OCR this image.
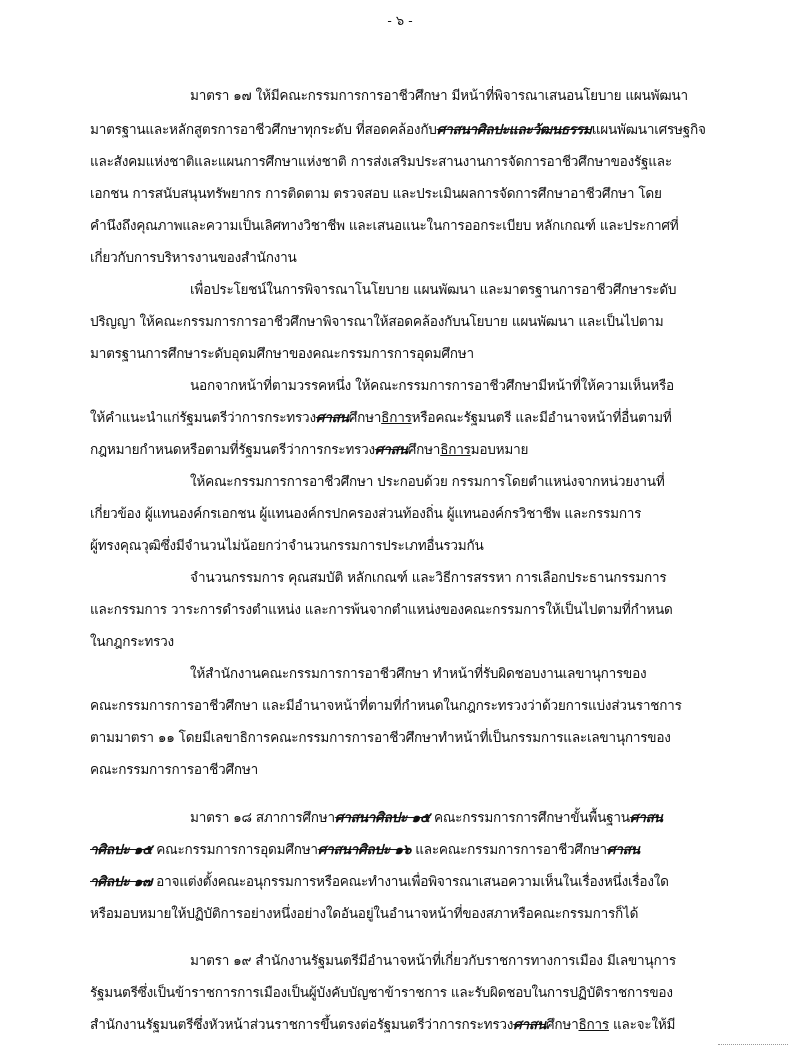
- ๖ -
มาตรา ๑๗ ให้มีคณะกรรมการการอาชีวศึกษา มีหน้าที่พิจารณาเสนอนโยบาย แผนพัฒนา
มาตรฐานและหลักสูตรการอาชีวศึกษาทุกระดับ ที่สอดคล้องกับศาสนาศิลปะและวัฒนธรรมแผนพัฒนาเศรษฐกิจ
และสังคมแห่งชาติและแผนการศึกษาแห่งชาติ การส่งเสริมประสานงานการจัดการอาชีวศึกษาของรัฐและ
เอกชน การสนับสนุนทรัพยากร การติดตาม ตรวจสอบ และประเมินผลการจัดการศึกษาอาชีวศึกษา โดย
คำนึงถึงคุณภาพและความเป็นเลิศทางวิชาชีพ และเสนอแนะในการออกระเบียบ หลักเกณฑ์ และประกาศที่
เกี่ยวกับการบริหารงานของสำนักงาน
เพื่อประโยชน์ในการพิจารณาโนโยบาย แผนพัฒนา และมาตรฐานการอาชีวศึกษาระดับ
ปริญญา ให้คณะกรรมการการอาชีวศึกษาพิจารณาให้สอดคล้องกับนโยบาย แผนพัฒนา และเป็นไปตาม
มาตรฐานการศึกษาระดับอุดมศึกษาของคณะกรรมการการอุดมศึกษา
นอกจากหน้าที่ตามวรรคหนึ่ง ให้คณะกรรมการการอาชีวศึกษามีหน้าที่ให้ความเห็นหรือ
ให้คำแนะนำแก่รัฐมนตรีว่าการกระทรวงศาสนศึกษาธิการหรือคณะรัฐมนตรี และมีอำนาจหน้าที่อื่นตามที่
กฎหมายกำหนดหรือตามที่รัฐมนตรีว่าการกระทรวงศาสนศึกษาธิการมอบหมาย
ให้คณะกรรมการการอาชีวศึกษา ประกอบด้วย กรรมการโดยตำแหน่งจากหน่วยงานที่
เกี่ยวข้อง ผู้แทนองค์กรเอกชน ผู้แทนองค์กรปกครองส่วนท้องถิ่น ผู้แทนองค์กรวิชาชีพ และกรรมการ
ผู้ทรงคุณวุฒิซึ่งมีจำนวนไม่น้อยกว่าจำนวนกรรมการประเภทอื่นรวมกัน
จำนวนกรรมการ คุณสมบัติ หลักเกณฑ์ และวิธีการสรรหา การเลือกประธานกรรมการ
และกรรมการ วาระการดำรงตำแหน่ง และการพ้นจากตำแหน่งของคณะกรรมการให้เป็นไปตามที่กำหนด
ในกฎกระทรวง
ให้สำนักงานคณะกรรมการการอาชีวศึกษา ทำหน้าที่รับผิดชอบงานเลขานุการของ
คณะกรรมการการอาชีวศึกษา และมีอำนาจหน้าที่ตามที่กำหนดในกฎกระทรวงว่าด้วยการแบ่งส่วนราชการ
ตามมาตรา ๑๑ โดยมีเลขาธิการคณะกรรมการการอาชีวศึกษาทำหน้าที่เป็นกรรมการและเลขานุการของ
คณะกรรมการการอาชีวศึกษา
มาตรา ๑๘ สภาการศึกษาศาสนาศิลปะ ๑๕ คณะกรรมการการศึกษาขั้นพื้นฐานศาสน
าศิลปะ ๑๕ คณะกรรมการการอุดมศึกษาศาสนาศิลปะ ๑๖ และคณะกรรมการการอาชีวศึกษาศาสน
าศิลปะ ๑๗ อาจแต่งตั้งคณะอนุกรรมการหรือคณะทำงานเพื่อพิจารณาเสนอความเห็นในเรื่องหนึ่งเรื่องใด
หรือมอบหมายให้ปฏิบัติการอย่างหนึ่งอย่างใดอันอยู่ในอำนาจหน้าที่ของสภาหรือคณะกรรมการก็ได้
มาตรา ๑๙ สำนักงานรัฐมนตรีมีอำนาจหน้าที่เกี่ยวกับราชการทางการเมือง มีเลขานุการ
รัฐมนตรีซึ่งเป็นข้าราชการการเมืองเป็นผู้บังคับบัญชาข้าราชการ และรับผิดชอบในการปฏิบัติราชการของ
สำนักงานรัฐมนตรีซึ่งหัวหน้าส่วนราชการขึ้นตรงต่อรัฐมนตรีว่าการกระทรวงศาสนศึกษาธิการ และจะให้มี
